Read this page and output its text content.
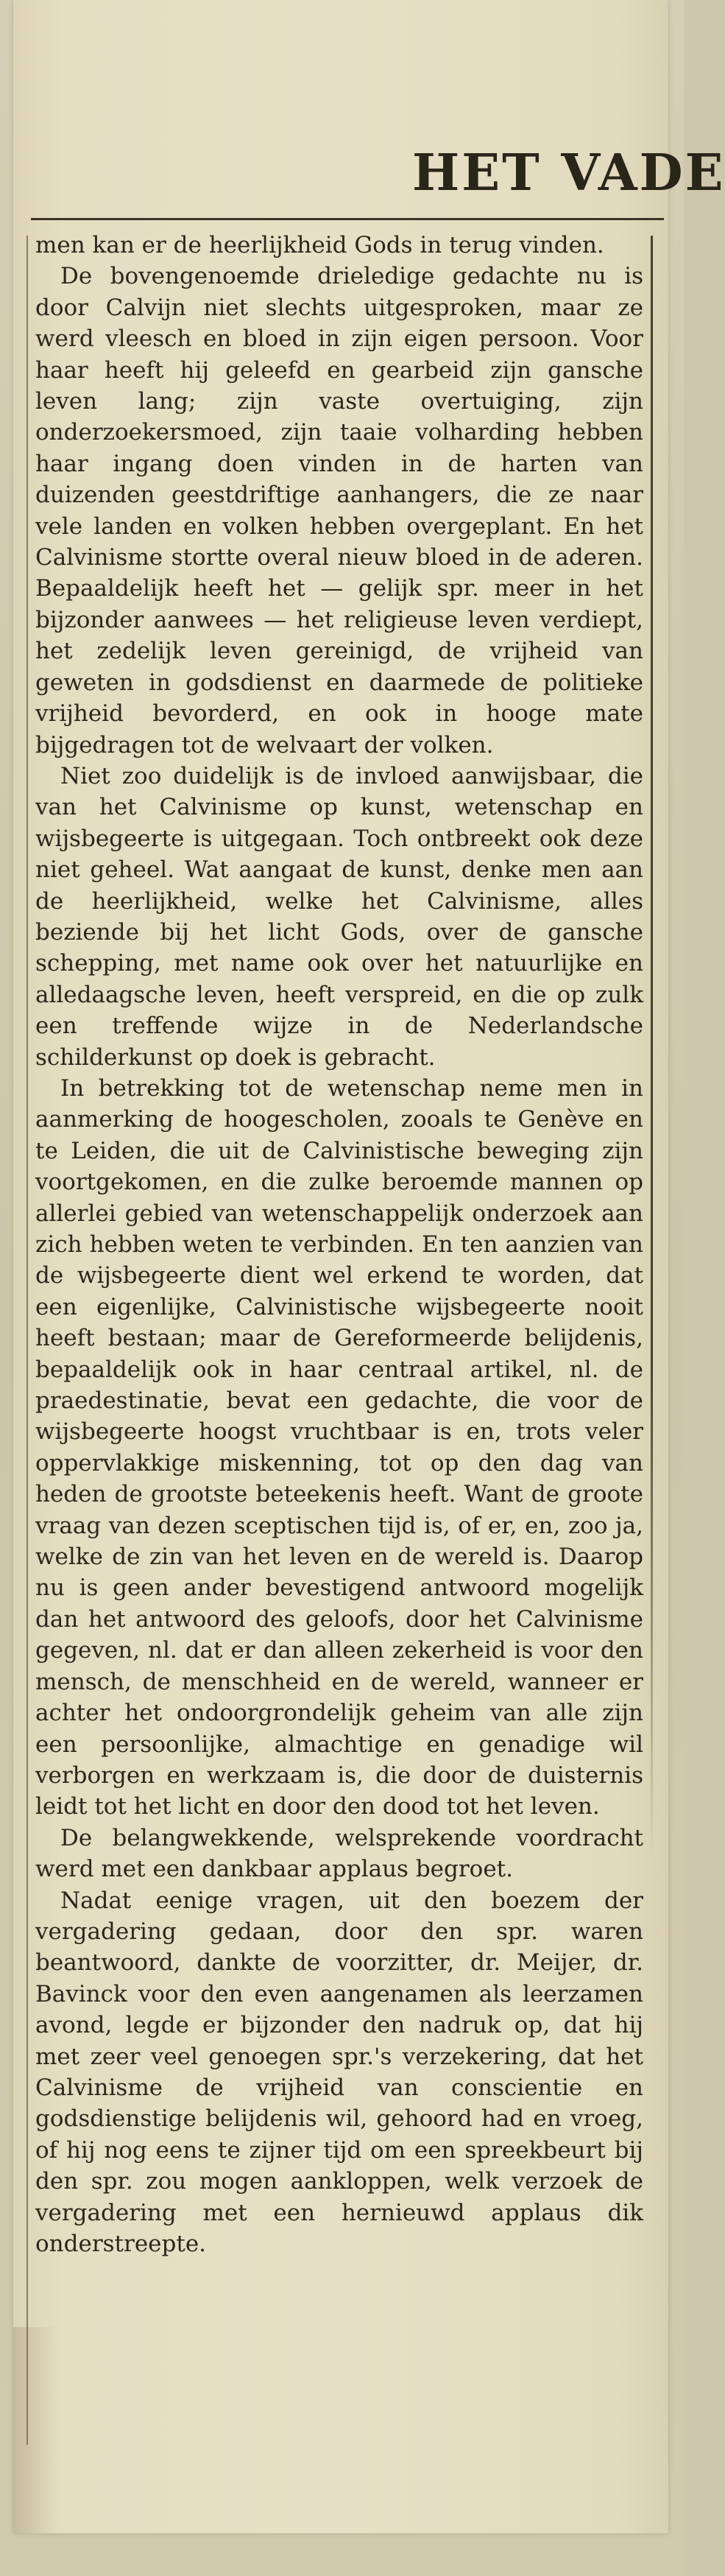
HET VADE

men kan er de heerlijkheid Gods in terug vinden.

De bovengenoemde drieledige gedachte nu is door Calvijn niet slechts uitgesproken, maar ze werd vleesch en bloed in zijn eigen persoon. Voor haar heeft hij geleefd en gearbeid zijn gansche leven lang; zijn vaste overtuiging, zijn onderzoekersmoed, zijn taaie volharding hebben haar ingang doen vinden in de harten van duizenden geestdriftige aanhangers, die ze naar vele landen en volken hebben overgeplant. En het Calvinisme stortte overal nieuw bloed in de aderen. Bepaaldelijk heeft het — gelijk spr. meer in het bijzonder aanwees — het religieuse leven verdiept, het zedelijk leven gereinigd, de vrijheid van geweten in godsdienst en daarmede de politieke vrijheid bevorderd, en ook in hooge mate bijgedragen tot de welvaart der volken.

Niet zoo duidelijk is de invloed aanwijsbaar, die van het Calvinisme op kunst, wetenschap en wijsbegeerte is uitgegaan. Toch ontbreekt ook deze niet geheel. Wat aangaat de kunst, denke men aan de heerlijkheid, welke het Calvinisme, alles beziende bij het licht Gods, over de gansche schepping, met name ook over het natuurlijke en alledaagsche leven, heeft verspreid, en die op zulk een treffende wijze in de Nederlandsche schilderkunst op doek is gebracht.

In betrekking tot de wetenschap neme men in aanmerking de hoogescholen, zooals te Genève en te Leiden, die uit de Calvinistische beweging zijn voortgekomen, en die zulke beroemde mannen op allerlei gebied van wetenschappelijk onderzoek aan zich hebben weten te verbinden. En ten aanzien van de wijsbegeerte dient wel erkend te worden, dat een eigenlijke, Calvinistische wijsbegeerte nooit heeft bestaan; maar de Gereformeerde belijdenis, bepaaldelijk ook in haar centraal artikel, nl. de praedestinatie, bevat een gedachte, die voor de wijsbegeerte hoogst vruchtbaar is en, trots veler oppervlakkige miskenning, tot op den dag van heden de grootste beteekenis heeft. Want de groote vraag van dezen sceptischen tijd is, of er, en, zoo ja, welke de zin van het leven en de wereld is. Daarop nu is geen ander bevestigend antwoord mogelijk dan het antwoord des geloofs, door het Calvinisme gegeven, nl. dat er dan alleen zekerheid is voor den mensch, de menschheid en de wereld, wanneer er achter het ondoorgrondelijk geheim van alle zijn een persoonlijke, almachtige en genadige wil verborgen en werkzaam is, die door de duisternis leidt tot het licht en door den dood tot het leven.

De belangwekkende, welsprekende voordracht werd met een dankbaar applaus begroet.

Nadat eenige vragen, uit den boezem der vergadering gedaan, door den spr. waren beantwoord, dankte de voorzitter, dr. Meijer, dr. Bavinck voor den even aangenamen als leerzamen avond, legde er bijzonder den nadruk op, dat hij met zeer veel genoegen spr.'s verzekering, dat het Calvinisme de vrijheid van conscientie en godsdienstige belijdenis wil, gehoord had en vroeg, of hij nog eens te zijner tijd om een spreekbeurt bij den spr. zou mogen aankloppen, welk verzoek de vergadering met een hernieuwd applaus dik onderstreepte.
